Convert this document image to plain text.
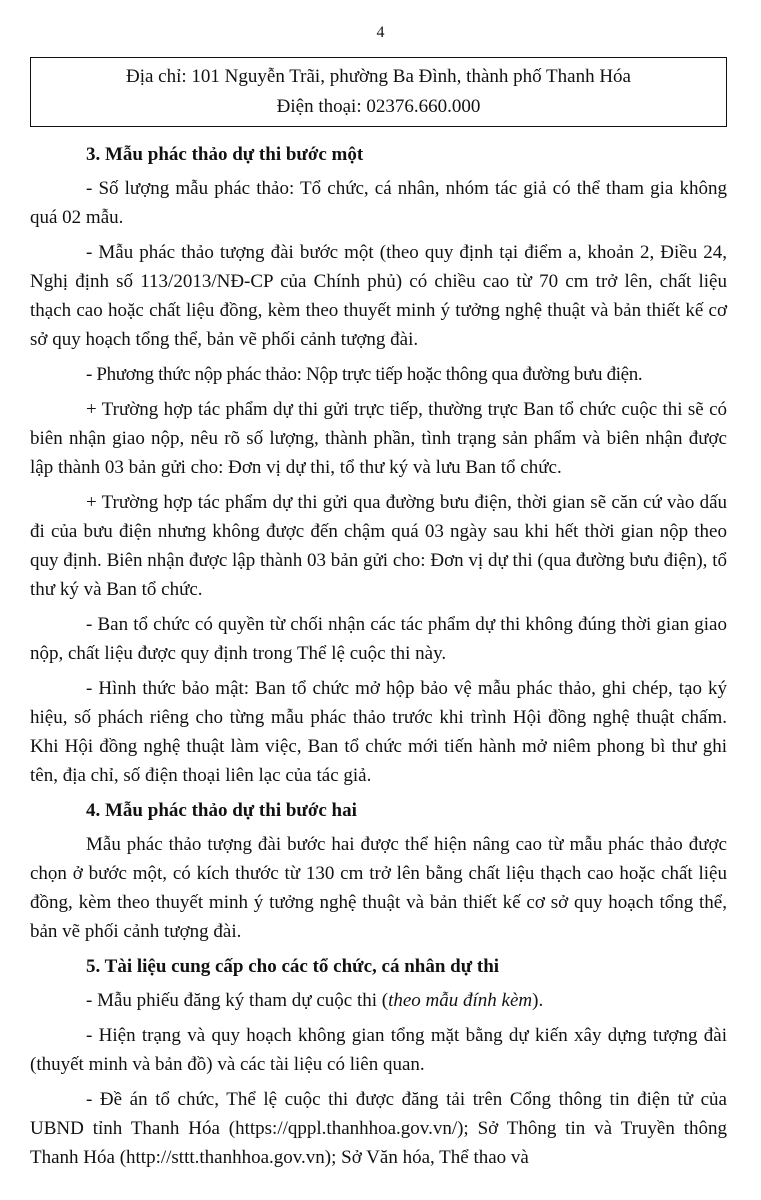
4
Địa chỉ: 101 Nguyễn Trãi, phường Ba Đình, thành phố Thanh Hóa
Điện thoại: 02376.660.000
3. Mẫu phác thảo dự thi bước một

- Số lượng mẫu phác thảo: Tổ chức, cá nhân, nhóm tác giả có thể tham gia không quá 02 mẫu.

- Mẫu phác thảo tượng đài bước một (theo quy định tại điểm a, khoản 2, Điều 24, Nghị định số 113/2013/NĐ-CP của Chính phủ) có chiều cao từ 70 cm trở lên, chất liệu thạch cao hoặc chất liệu đồng, kèm theo thuyết minh ý tưởng nghệ thuật và bản thiết kế cơ sở quy hoạch tổng thể, bản vẽ phối cảnh tượng đài.

- Phương thức nộp phác thảo: Nộp trực tiếp hoặc thông qua đường bưu điện.

+ Trường hợp tác phẩm dự thi gửi trực tiếp, thường trực Ban tổ chức cuộc thi sẽ có biên nhận giao nộp, nêu rõ số lượng, thành phần, tình trạng sản phẩm và biên nhận được lập thành 03 bản gửi cho: Đơn vị dự thi, tổ thư ký và lưu Ban tổ chức.

+ Trường hợp tác phẩm dự thi gửi qua đường bưu điện, thời gian sẽ căn cứ vào dấu đi của bưu điện nhưng không được đến chậm quá 03 ngày sau khi hết thời gian nộp theo quy định. Biên nhận được lập thành 03 bản gửi cho: Đơn vị dự thi (qua đường bưu điện), tổ thư ký và Ban tổ chức.

- Ban tổ chức có quyền từ chối nhận các tác phẩm dự thi không đúng thời gian giao nộp, chất liệu được quy định trong Thể lệ cuộc thi này.

- Hình thức bảo mật: Ban tổ chức mở hộp bảo vệ mẫu phác thảo, ghi chép, tạo ký hiệu, số phách riêng cho từng mẫu phác thảo trước khi trình Hội đồng nghệ thuật chấm. Khi Hội đồng nghệ thuật làm việc, Ban tổ chức mới tiến hành mở niêm phong bì thư ghi tên, địa chỉ, số điện thoại liên lạc của tác giả.

4. Mẫu phác thảo dự thi bước hai

Mẫu phác thảo tượng đài bước hai được thể hiện nâng cao từ mẫu phác thảo được chọn ở bước một, có kích thước từ 130 cm trở lên bằng chất liệu thạch cao hoặc chất liệu đồng, kèm theo thuyết minh ý tưởng nghệ thuật và bản thiết kế cơ sở quy hoạch tổng thể, bản vẽ phối cảnh tượng đài.

5. Tài liệu cung cấp cho các tổ chức, cá nhân dự thi

- Mẫu phiếu đăng ký tham dự cuộc thi (theo mẫu đính kèm).

- Hiện trạng và quy hoạch không gian tổng mặt bằng dự kiến xây dựng tượng đài (thuyết minh và bản đồ) và các tài liệu có liên quan.

- Đề án tổ chức, Thể lệ cuộc thi được đăng tải trên Cổng thông tin điện tử của UBND tỉnh Thanh Hóa (https://qppl.thanhhoa.gov.vn/); Sở Thông tin và Truyền thông Thanh Hóa (http://sttt.thanhhoa.gov.vn); Sở Văn hóa, Thể thao và
